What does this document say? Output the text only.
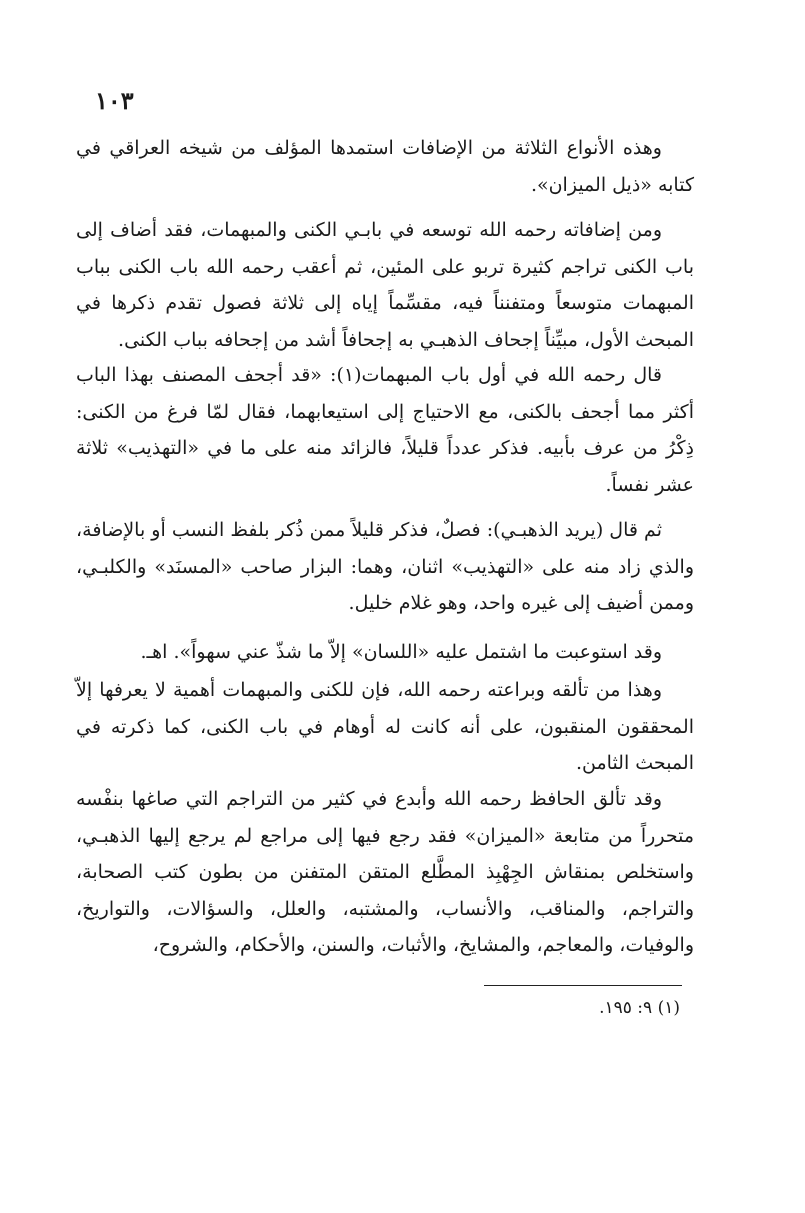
١٠٣

وهذه الأنواع الثلاثة من الإضافات استمدها المؤلف من شيخه العراقي في كتابه «ذيل الميزان».

ومن إضافاته رحمه الله توسعه في بابـي الكنى والمبهمات، فقد أضاف إلى باب الكنى تراجم كثيرة تربو على المئين، ثم أعقب رحمه الله باب الكنى بباب المبهمات متوسعاً ومتفنناً فيه، مقسِّماً إياه إلى ثلاثة فصول تقدم ذكرها في المبحث الأول، مبيِّناً إجحاف الذهبـي به إجحافاً أشد من إجحافه بباب الكنى.

قال رحمه الله في أول باب المبهمات(١): «قد أجحف المصنف بهذا الباب أكثر مما أجحف بالكنى، مع الاحتياج إلى استيعابهما، فقال لمّا فرغ من الكنى: ذِكْرُ من عرف بأبيه. فذكر عدداً قليلاً، فالزائد منه على ما في «التهذيب» ثلاثة عشر نفساً.

ثم قال (يريد الذهبـي): فصلٌ، فذكر قليلاً ممن ذُكر بلفظ النسب أو بالإضافة، والذي زاد منه على «التهذيب» اثنان، وهما: البزار صاحب «المسنَد» والكلبـي، وممن أضيف إلى غيره واحد، وهو غلام خليل.

وقد استوعبت ما اشتمل عليه «اللسان» إلاّ ما شذّ عني سهواً». اهـ.

وهذا من تألقه وبراعته رحمه الله، فإن للكنى والمبهمات أهمية لا يعرفها إلاّ المحققون المنقبون، على أنه كانت له أوهام في باب الكنى، كما ذكرته في المبحث الثامن.

وقد تألق الحافظ رحمه الله وأبدع في كثير من التراجم التي صاغها بنفْسه متحرراً من متابعة «الميزان» فقد رجع فيها إلى مراجع لم يرجع إليها الذهبـي، واستخلص بمنقاش الجِهْبِذ المطَّلع المتقن المتفنن من بطون كتب الصحابة، والتراجم، والمناقب، والأنساب، والمشتبه، والعلل، والسؤالات، والتواريخ، والوفيات، والمعاجم، والمشايخ، والأثبات، والسنن، والأحكام، والشروح،

(١) ٩: ١٩٥.
